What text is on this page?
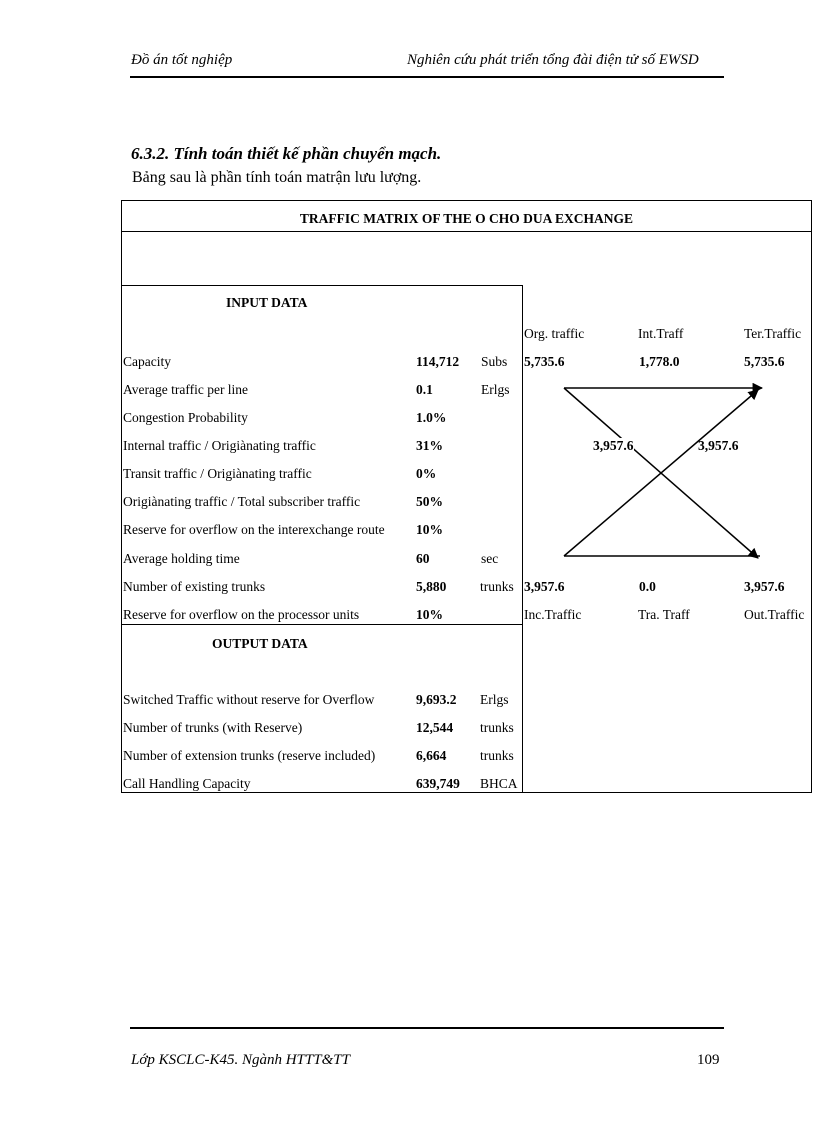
Đồ án tốt nghiệp	Nghiên cứu phát triển tổng đài điện tử số EWSD
6.3.2. Tính toán thiết kế phần chuyển mạch.
Bảng sau là phần tính toán matrận lưu lượng.
TRAFFIC MATRIX OF THE O CHO DUA EXCHANGE
INPUT DATA
OUTPUT DATA
Capacity	114,712 Subs
Average traffic per line	0.1	Erlgs
Congestion Probability	1.0%
Internal traffic / Origiànating traffic	31%
Transit traffic / Origiànating traffic	0%
Origiànating traffic / Total subscriber traffic	50%
Reserve for overflow on the interexchange route 10%
Average holding time	60	sec
Number of existing trunks	5,880 trunks
Reserve for overflow on the processor units	10%
Switched Traffic without reserve for Overflow	9,693.2 Erlgs
Number of trunks (with Reserve)	12,544 trunks
Number of extension trunks (reserve included)	6,664 trunks
Call Handling Capacity	639,749 BHCA
Org. traffic	Int.Traff	Ter.Traffic
5,735.6	1,778.0	5,735.6
3,957.6	3,957.6
3,957.6	0.0	3,957.6
Inc.Traffic	Tra. Traff	Out.Traffic
Lớp KSCLC-K45. Ngành HTTT&TT	109
